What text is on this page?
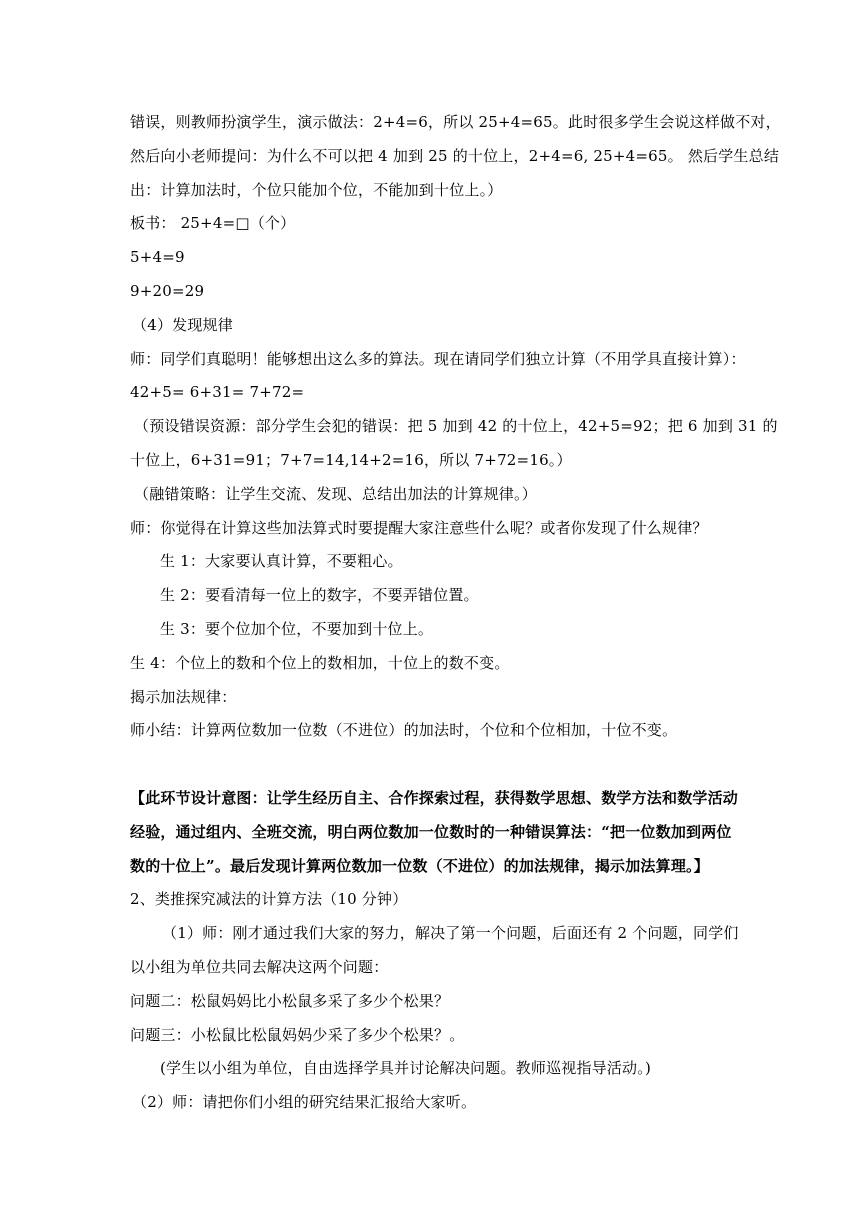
错误，则教师扮演学生，演示做法：2+4=6，所以 25+4=65。此时很多学生会说这样做不对，
然后向小老师提问：为什么不可以把 4 加到 25 的十位上，2+4=6, 25+4=65。 然后学生总结
出：计算加法时，个位只能加个位，不能加到十位上。）
板书： 25+4=□（个）
5+4=9
9+20=29
（4）发现规律
师：同学们真聪明！能够想出这么多的算法。现在请同学们独立计算（不用学具直接计算）：
42+5= 6+31= 7+72=
（预设错误资源：部分学生会犯的错误：把 5 加到 42 的十位上，42+5=92；把 6 加到 31 的
十位上，6+31=91；7+7=14,14+2=16，所以 7+72=16。）
（融错策略：让学生交流、发现、总结出加法的计算规律。）
师：你觉得在计算这些加法算式时要提醒大家注意些什么呢？或者你发现了什么规律？
生 1：大家要认真计算，不要粗心。
生 2：要看清每一位上的数字，不要弄错位置。
生 3：要个位加个位，不要加到十位上。
生 4：个位上的数和个位上的数相加，十位上的数不变。
揭示加法规律：
师小结：计算两位数加一位数（不进位）的加法时，个位和个位相加，十位不变。
【此环节设计意图：让学生经历自主、合作探索过程，获得数学思想、数学方法和数学活动
经验，通过组内、全班交流，明白两位数加一位数时的一种错误算法：“把一位数加到两位
数的十位上”。最后发现计算两位数加一位数（不进位）的加法规律，揭示加法算理。】
2、类推探究减法的计算方法（10 分钟）
（1）师：刚才通过我们大家的努力，解决了第一个问题，后面还有 2 个问题，同学们
以小组为单位共同去解决这两个问题：
问题二：松鼠妈妈比小松鼠多采了多少个松果？
问题三：小松鼠比松鼠妈妈少采了多少个松果？。
(学生以小组为单位，自由选择学具并讨论解决问题。教师巡视指导活动。)
（2）师：请把你们小组的研究结果汇报给大家听。
